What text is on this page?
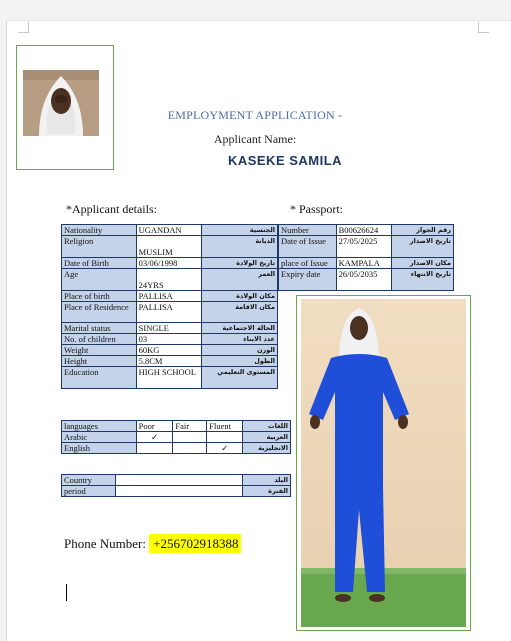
EMPLOYMENT APPLICATION -
Applicant Name:
KASEKE SAMILA
*Applicant details:	* Passport:
Nationality	UGANDAN	الجنسية
Religion	MUSLIM	الديانة
Date of Birth	03/06/1998	تاريخ الولادة
Age	24YRS	العمر
Place of birth	PALLISA	مكان الولادة
Place of Residence	PALLISA	مكان الاقامة
Marital status	SINGLE	الحالة الاجتماعية
No. of children	03	عدد الابناء
Weight	60KG	الوزن
Height	5.8CM	الطول
Education	HIGH SCHOOL	المستوى التعليمي
Number	B00626624	رقم الجواز
Date of Issue	27/05/2025	تاريخ الاصدار
place of Issue	KAMPALA	مكان الاصدار
Expiry date	26/05/2035	تاريخ الانتهاء
languages	Poor	Fair	Fluent	اللغات
Arabic	✓			العربية
English			✓	الانجليزية
Country		البلد
period		الفترة
Phone Number: +256702918388
